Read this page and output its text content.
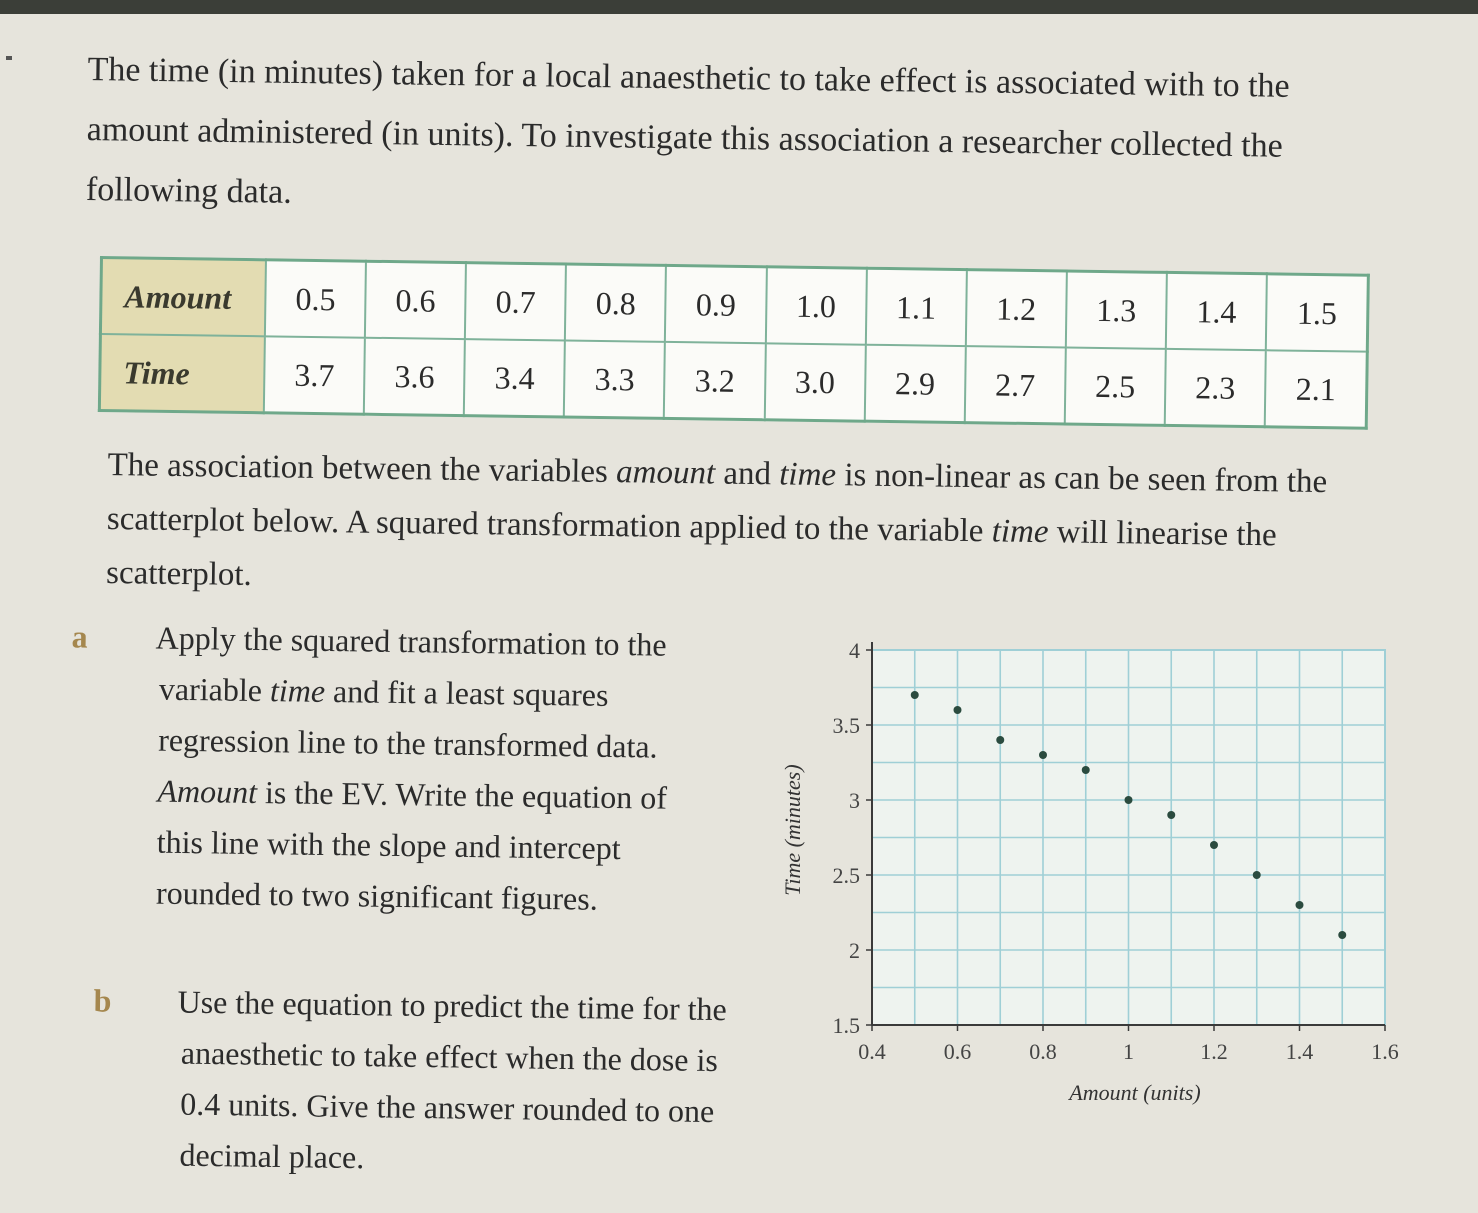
The time (in minutes) taken for a local anaesthetic to take effect is associated with to the amount administered (in units). To investigate this association a researcher collected the following data.

Amount	0.5	0.6	0.7	0.8	0.9	1.0	1.1	1.2	1.3	1.4	1.5
Time	3.7	3.6	3.4	3.3	3.2	3.0	2.9	2.7	2.5	2.3	2.1

The association between the variables amount and time is non-linear as can be seen from the scatterplot below. A squared transformation applied to the variable time will linearise the scatterplot.

a Apply the squared transformation to the variable time and fit a least squares regression line to the transformed data. Amount is the EV. Write the equation of this line with the slope and intercept rounded to two significant figures.

b Use the equation to predict the time for the anaesthetic to take effect when the dose is 0.4 units. Give the answer rounded to one decimal place.

0.4	0.6	0.8	1	1.2	1.4	1.6
1.5
2
2.5
3
3.5
4
Amount (units)
Time (minutes)
